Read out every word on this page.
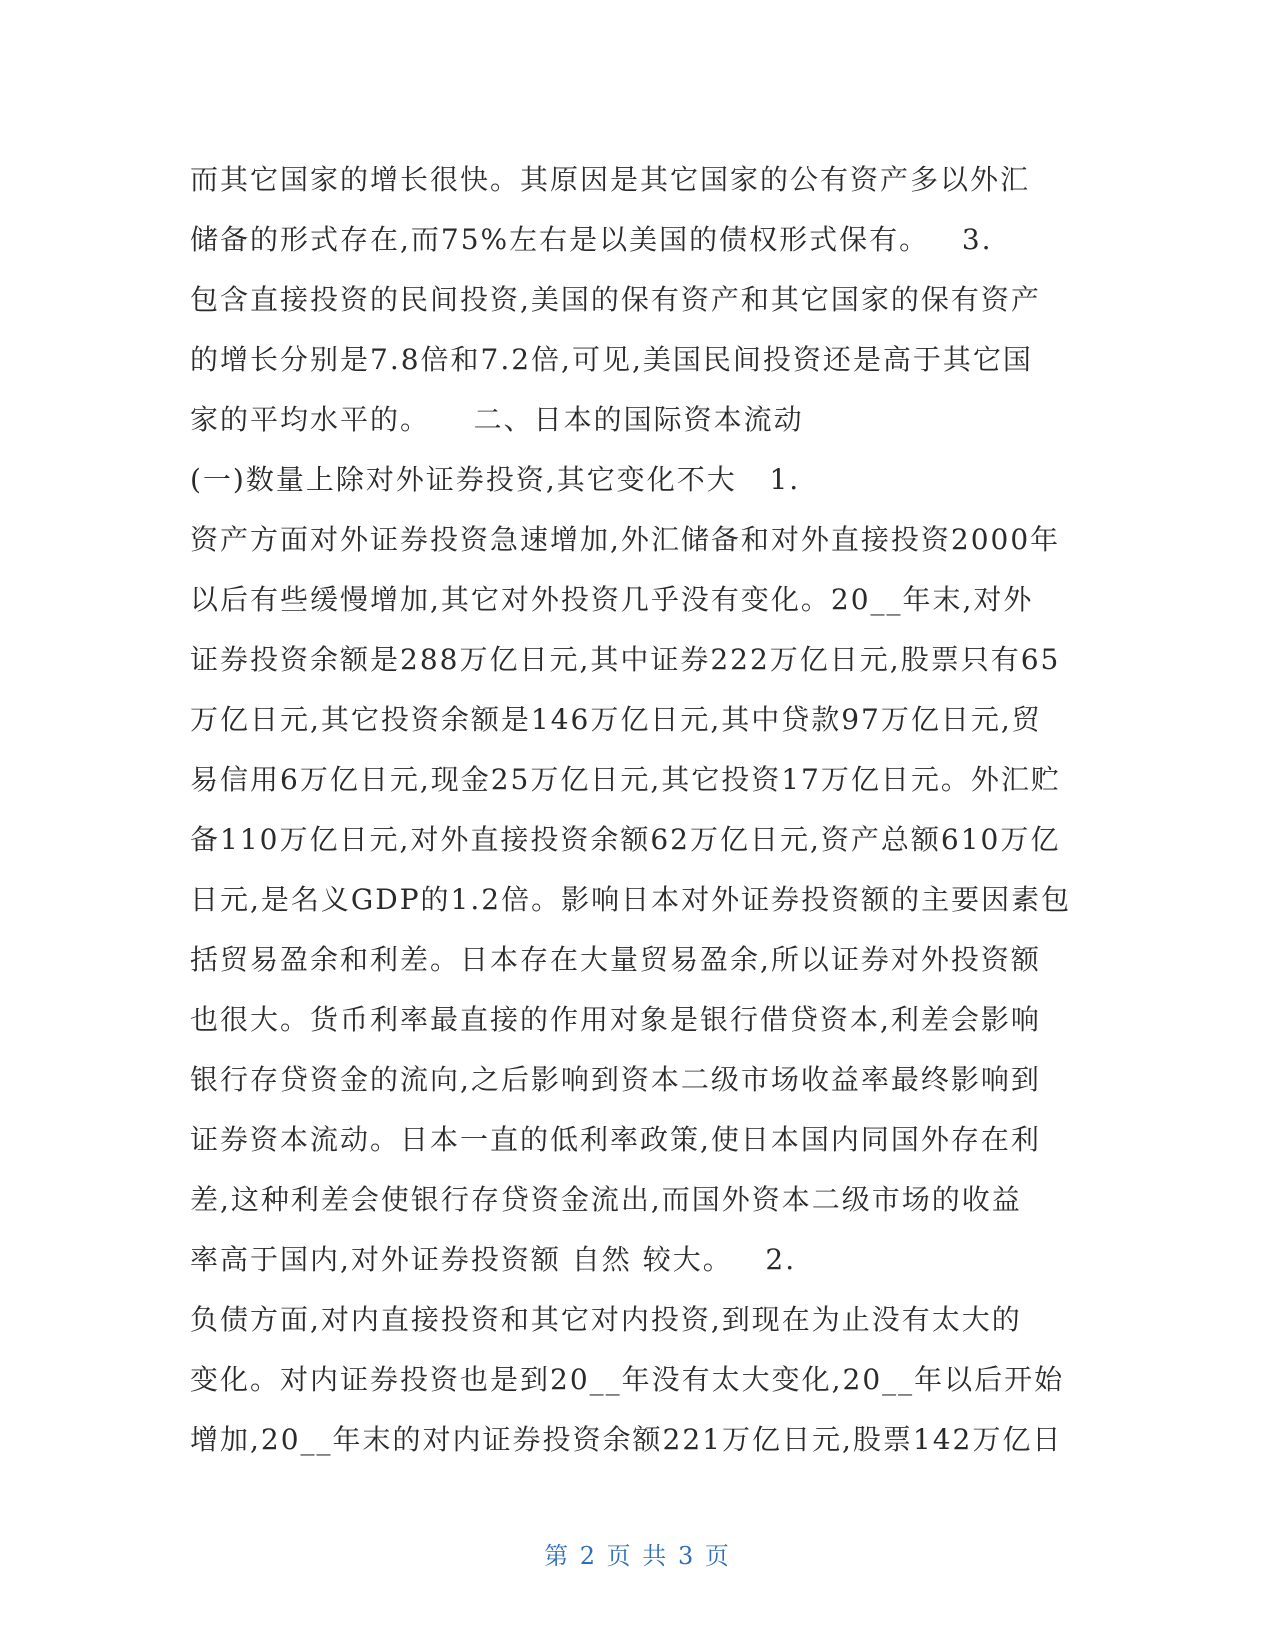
而其它国家的增长很快。其原因是其它国家的公有资产多以外汇
储备的形式存在,而75%左右是以美国的债权形式保有。   3.
包含直接投资的民间投资,美国的保有资产和其它国家的保有资产
的增长分别是7.8倍和7.2倍,可见,美国民间投资还是高于其它国
家的平均水平的。    二、日本的国际资本流动
(一)数量上除对外证券投资,其它变化不大   1.
资产方面对外证券投资急速增加,外汇储备和对外直接投资2000年
以后有些缓慢增加,其它对外投资几乎没有变化。20__年末,对外
证券投资余额是288万亿日元,其中证券222万亿日元,股票只有65
万亿日元,其它投资余额是146万亿日元,其中贷款97万亿日元,贸
易信用6万亿日元,现金25万亿日元,其它投资17万亿日元。外汇贮
备110万亿日元,对外直接投资余额62万亿日元,资产总额610万亿
日元,是名义GDP的1.2倍。影响日本对外证券投资额的主要因素包
括贸易盈余和利差。日本存在大量贸易盈余,所以证券对外投资额
也很大。货币利率最直接的作用对象是银行借贷资本,利差会影响
银行存贷资金的流向,之后影响到资本二级市场收益率最终影响到
证券资本流动。日本一直的低利率政策,使日本国内同国外存在利
差,这种利差会使银行存贷资金流出,而国外资本二级市场的收益
率高于国内,对外证券投资额 自然 较大。   2.
负债方面,对内直接投资和其它对内投资,到现在为止没有太大的
变化。对内证券投资也是到20__年没有太大变化,20__年以后开始
增加,20__年末的对内证券投资余额221万亿日元,股票142万亿日
第 2 页 共 3 页
